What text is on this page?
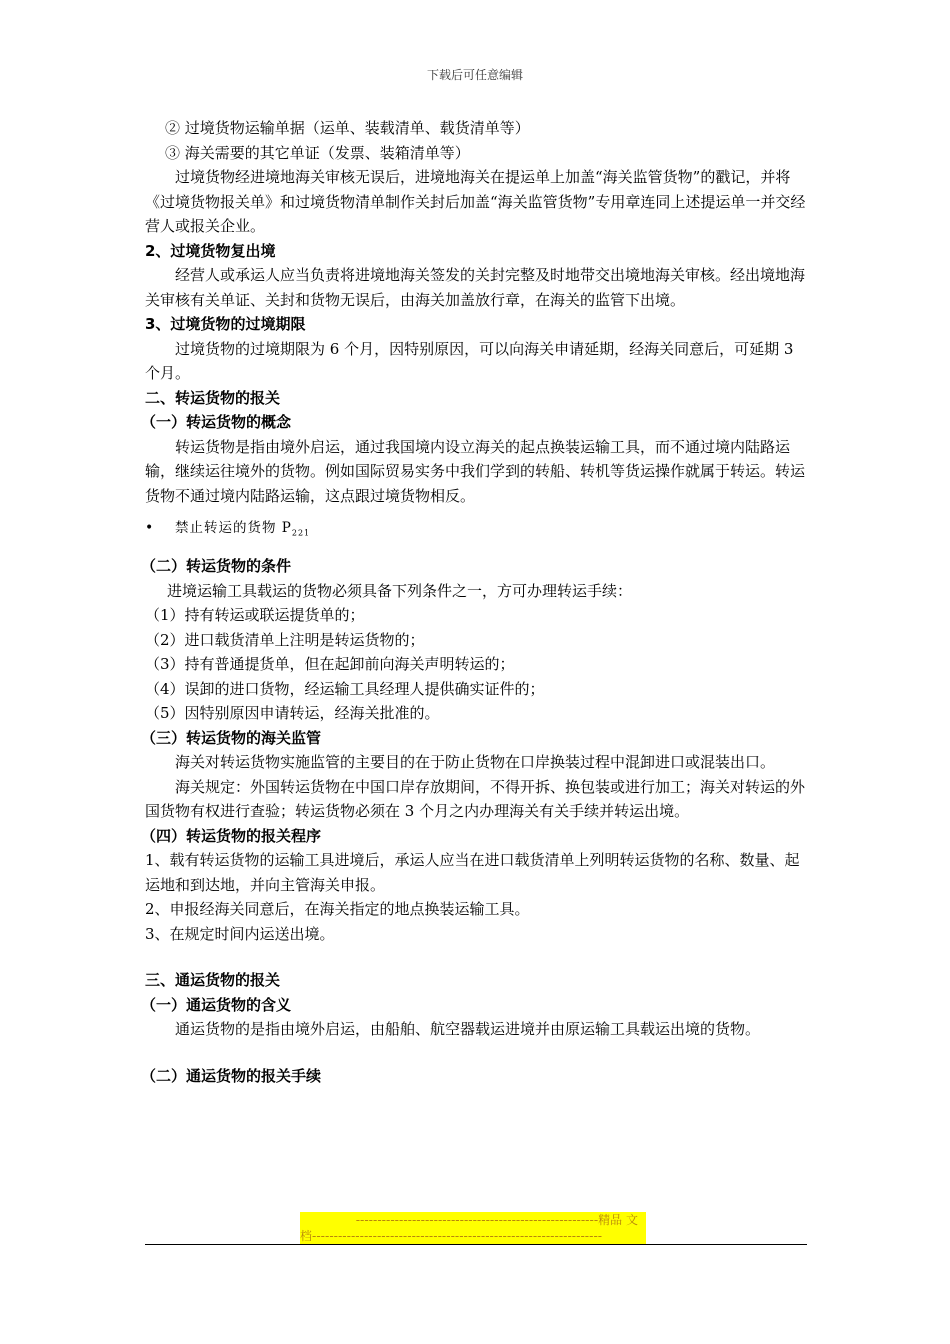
下载后可任意编辑

② 过境货物运输单据（运单、装载清单、载货清单等）

③ 海关需要的其它单证（发票、装箱清单等）

过境货物经进境地海关审核无误后，进境地海关在提运单上加盖“海关监管货物”的戳记，并将《过境货物报关单》和过境货物清单制作关封后加盖“海关监管货物”专用章连同上述提运单一并交经营人或报关企业。

2、过境货物复出境

经营人或承运人应当负责将进境地海关签发的关封完整及时地带交出境地海关审核。经出境地海关审核有关单证、关封和货物无误后，由海关加盖放行章，在海关的监管下出境。

3、过境货物的过境期限

过境货物的过境期限为 6 个月，因特别原因，可以向海关申请延期，经海关同意后，可延期 3 个月。

二、转运货物的报关

（一）转运货物的概念

转运货物是指由境外启运，通过我国境内设立海关的起点换装运输工具，而不通过境内陆路运输，继续运往境外的货物。例如国际贸易实务中我们学到的转船、转机等货运操作就属于转运。转运货物不通过境内陆路运输，这点跟过境货物相反。

•	禁止转运的货物 $P_{221}$

（二）转运货物的条件

进境运输工具载运的货物必须具备下列条件之一，方可办理转运手续：

（1）持有转运或联运提货单的；

（2）进口载货清单上注明是转运货物的；

（3）持有普通提货单，但在起卸前向海关声明转运的；

（4）误卸的进口货物，经运输工具经理人提供确实证件的；

（5）因特别原因申请转运，经海关批准的。

（三）转运货物的海关监管

海关对转运货物实施监管的主要目的在于防止货物在口岸换装过程中混卸进口或混装出口。

海关规定：外国转运货物在中国口岸存放期间，不得开拆、换包装或进行加工；海关对转运的外国货物有权进行查验；转运货物必须在 3 个月之内办理海关有关手续并转运出境。

（四）转运货物的报关程序

1、载有转运货物的运输工具进境后，承运人应当在进口载货清单上列明转运货物的名称、数量、起运地和到达地，并向主管海关申报。

2、申报经海关同意后，在海关指定的地点换装运输工具。

3、在规定时间内运送出境。

三、通运货物的报关

（一）通运货物的含义

通运货物的是指由境外启运，由船舶、航空器载运进境并由原运输工具载运出境的货物。

（二）通运货物的报关手续

--------------------------------------------------------精品 文
档-------------------------------------------------------------------
